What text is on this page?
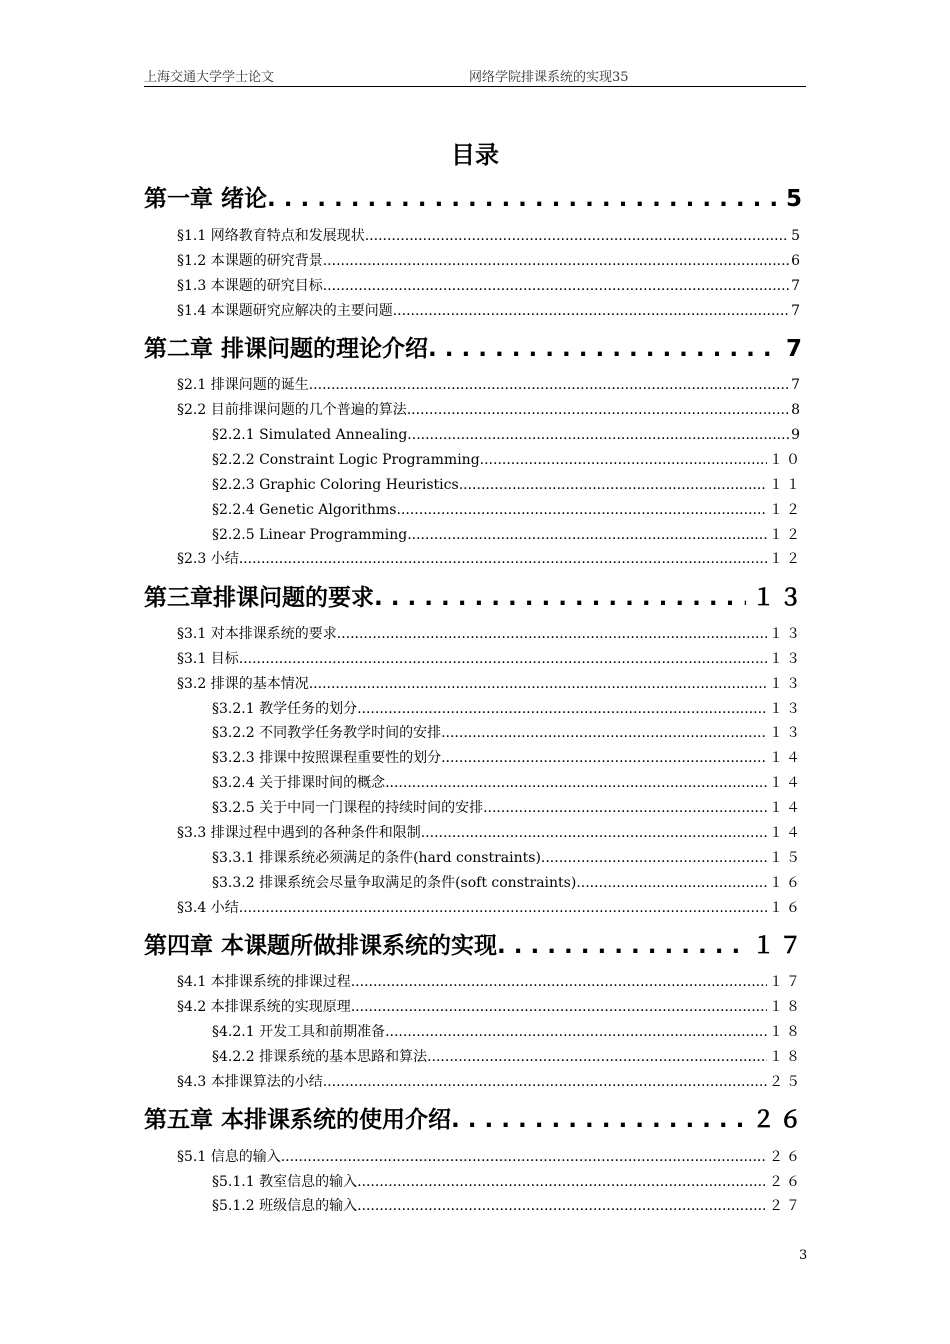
上海交通大学学士论文	网络学院排课系统的实现35
目录
第一章 绪论 . . .	5
§1.1 网络教育特点和发展现状 .....	5
§1.2 本课题的研究背景 .....	6
§1.3 本课题的研究目标 .....	7
§1.4 本课题研究应解决的主要问题 .....	7
第二章 排课问题的理论介绍 . . .	7
§2.1 排课问题的诞生 .....	7
§2.2 目前排课问题的几个普遍的算法 .....	8
§2.2.1 Simulated Annealing .....	9
§2.2.2 Constraint Logic Programming .....	１０
§2.2.3 Graphic Coloring Heuristics .....	１１
§2.2.4 Genetic Algorithms .....	１２
§2.2.5 Linear Programming .....	１２
§2.3 小结 .....	１２
第三章排课问题的要求 . . .	１３
§3.1 对本排课系统的要求 .....	１３
§3.1 目标 .....	１３
§3.2 排课的基本情况 .....	１３
§3.2.1 教学任务的划分 .....	１３
§3.2.2 不同教学任务教学时间的安排 .....	１３
§3.2.3 排课中按照课程重要性的划分 .....	１４
§3.2.4 关于排课时间的概念 .....	１４
§3.2.5 关于中同一门课程的持续时间的安排 .....	１４
§3.3 排课过程中遇到的各种条件和限制 .....	１４
§3.3.1 排课系统必须满足的条件(hard constraints) .....	１５
§3.3.2 排课系统会尽量争取满足的条件(soft constraints) .....	１６
§3.4 小结 .....	１６
第四章 本课题所做排课系统的实现 . . .	１７
§4.1 本排课系统的排课过程 .....	１７
§4.2 本排课系统的实现原理 .....	１８
§4.2.1 开发工具和前期准备 .....	１８
§4.2.2 排课系统的基本思路和算法 .....	１８
§4.3 本排课算法的小结 .....	２５
第五章 本排课系统的使用介绍 . . .	２６
§5.1 信息的输入 .....	２６
§5.1.1 教室信息的输入 .....	２６
§5.1.2 班级信息的输入 .....	２７
3
